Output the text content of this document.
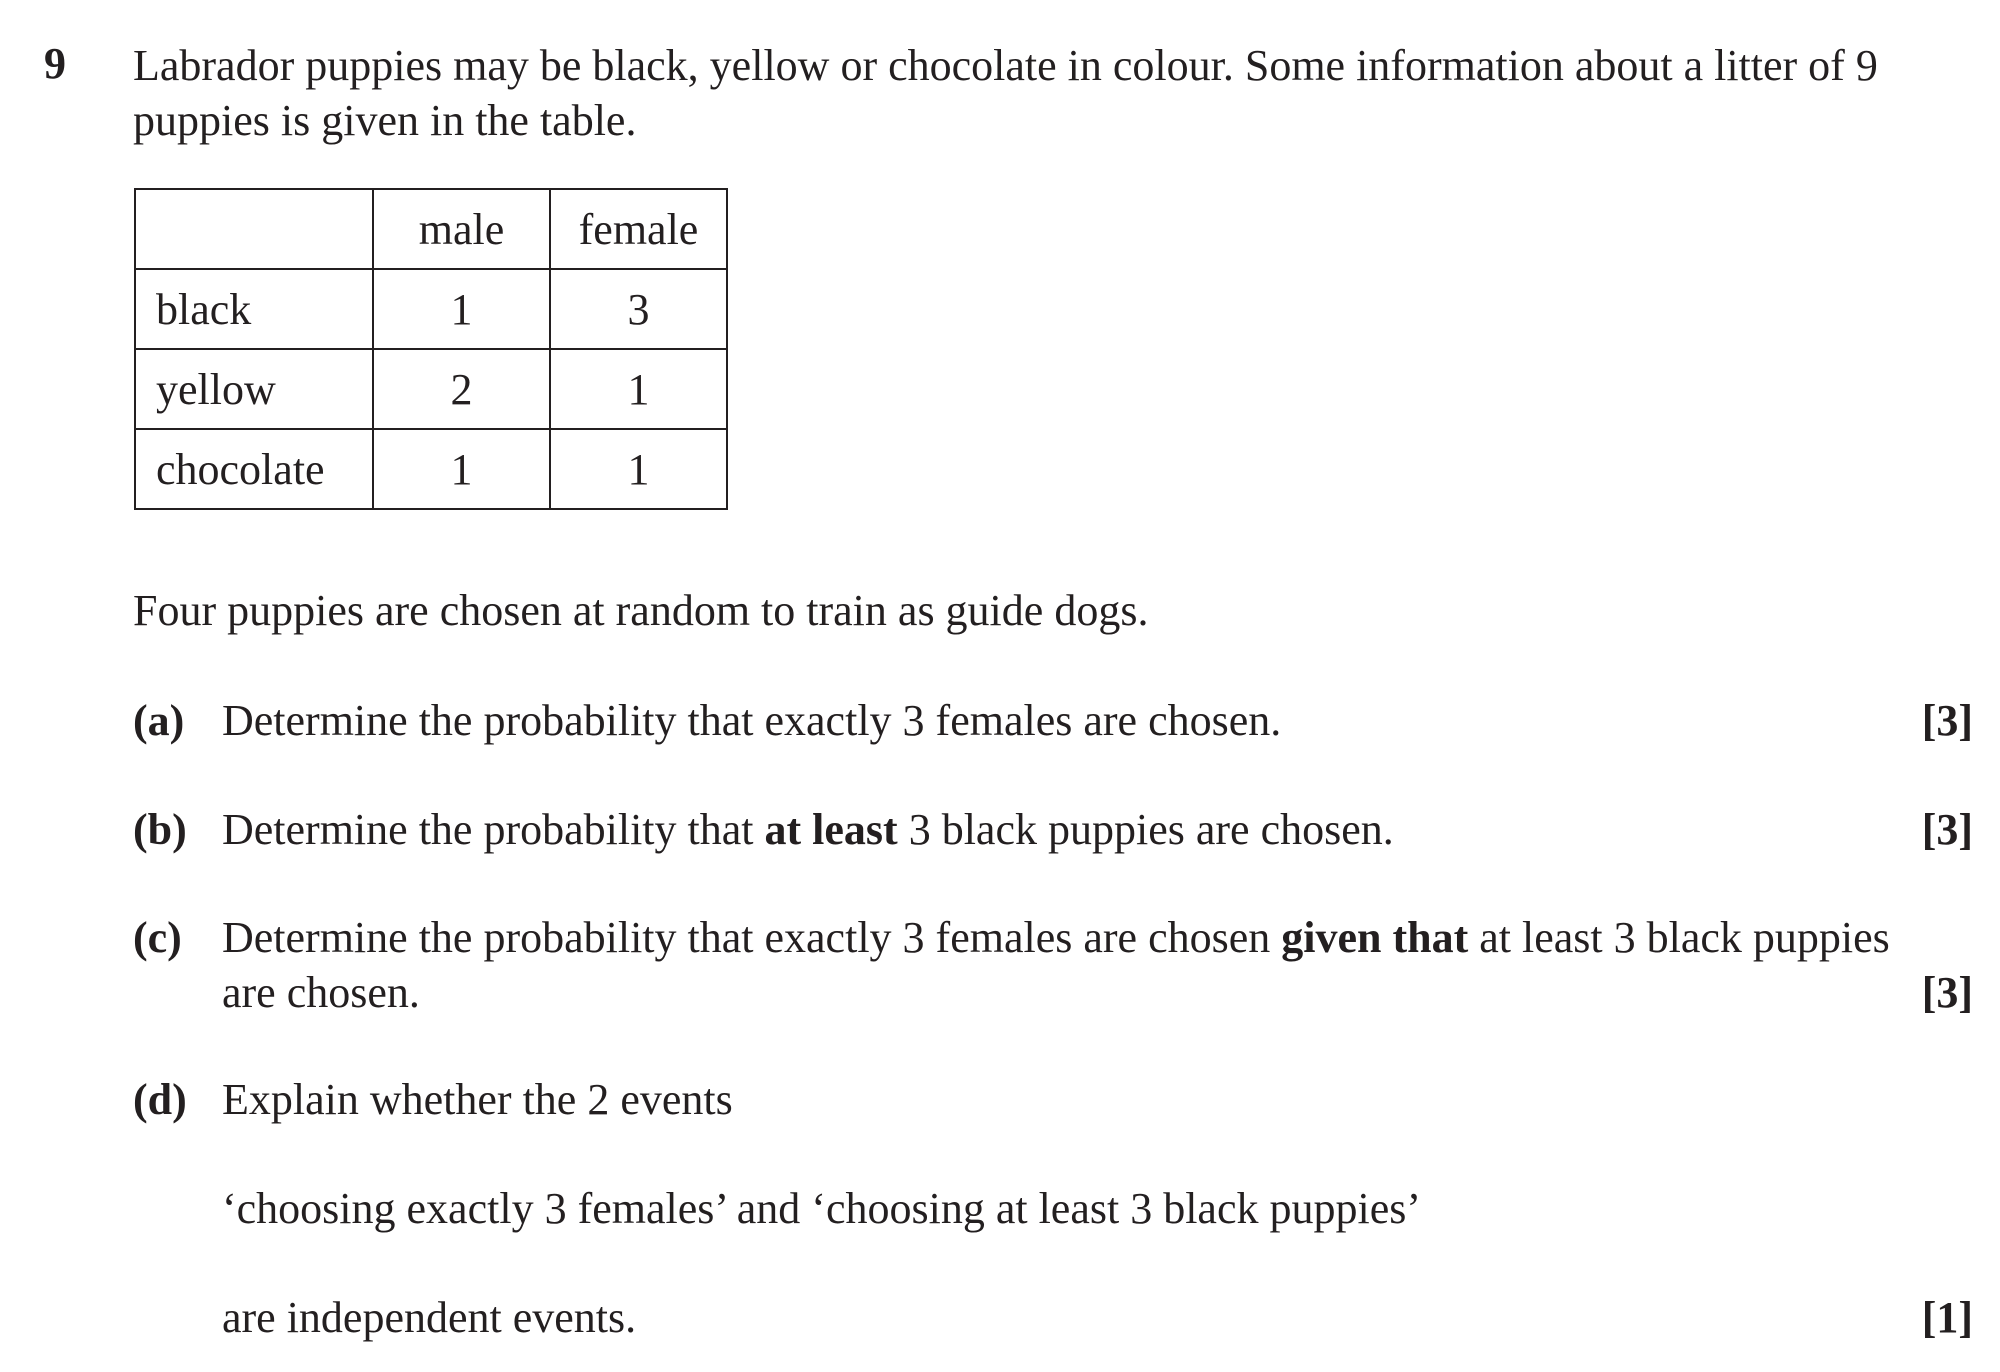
9 Labrador puppies may be black, yellow or chocolate in colour. Some information about a litter of 9 puppies is given in the table.
	male	female
black	1	3
yellow	2	1
chocolate	1	1
Four puppies are chosen at random to train as guide dogs.
(a) Determine the probability that exactly 3 females are chosen.	[3]
(b) Determine the probability that at least 3 black puppies are chosen.	[3]
(c) Determine the probability that exactly 3 females are chosen given that at least 3 black puppies
are chosen.	[3]
(d) Explain whether the 2 events
‘choosing exactly 3 females’ and ‘choosing at least 3 black puppies’
are independent events.	[1]
